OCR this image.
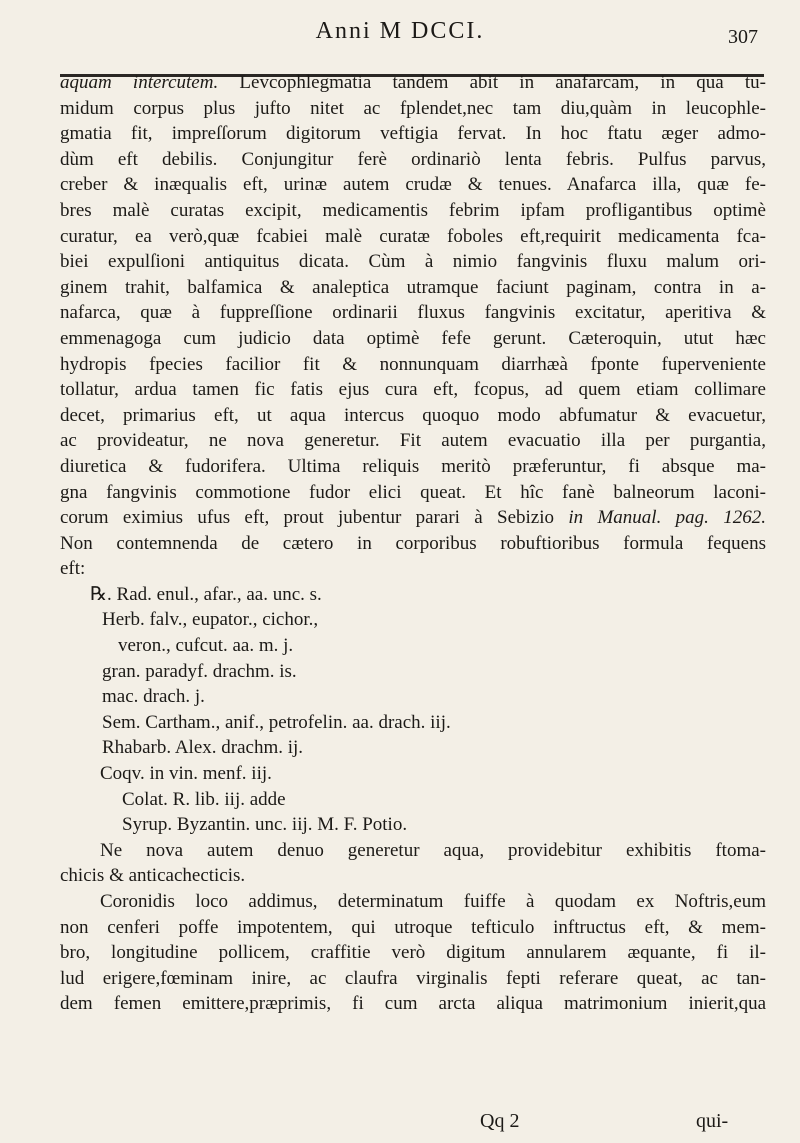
Anni M DCCI.	307
aquam intercutem. Levcophlegmatia tandem abit in anafarcam, in qua tu-
midum corpus plus jufto nitet ac fplendet,nec tam diu,quàm in leucophle-
gmatia fit, impreſſorum digitorum veftigia fervat. In hoc ftatu æger admo-
dùm eft debilis. Conjungitur ferè ordinariò lenta febris. Pulfus parvus,
creber & inæqualis eft, urinæ autem crudæ & tenues. Anafarca illa, quæ fe-
bres malè curatas excipit, medicamentis febrim ipfam profligantibus optimè
curatur, ea verò,quæ fcabiei malè curatæ foboles eft,requirit medicamenta fca-
biei expulſioni antiquitus dicata. Cùm à nimio fangvinis fluxu malum ori-
ginem trahit, balfamica & analeptica utramque faciunt paginam, contra in a-
nafarca, quæ à fuppreſſione ordinarii fluxus fangvinis excitatur, aperitiva &
emmenagoga cum judicio data optimè fefe gerunt. Cæteroquin, utut hæc
hydropis fpecies facilior fit & nonnunquam diarrhæà fponte fuperveniente
tollatur, ardua tamen fic fatis ejus cura eft, fcopus, ad quem etiam collimare
decet, primarius eft, ut aqua intercus quoquo modo abfumatur & evacuetur,
ac provideatur, ne nova generetur. Fit autem evacuatio illa per purgantia,
diuretica & fudorifera. Ultima reliquis meritò præferuntur, fi absque ma-
gna fangvinis commotione fudor elici queat. Et hîc fanè balneorum laconi-
corum eximius ufus eft, prout jubentur parari à Sebizio in Manual. pag. 1262.
Non contemnenda de cætero in corporibus robuftioribus formula fequens
eft:
℞. Rad. enul., afar., aa. unc. s.
Herb. falv., eupator., cichor.,
veron., cufcut. aa. m. j.
gran. paradyf. drachm. is.
mac. drach. j.
Sem. Cartham., anif., petrofelin. aa. drach. iij.
Rhabarb. Alex. drachm. ij.
Coqv. in vin. menf. iij.
Colat. R. lib. iij. adde
Syrup. Byzantin. unc. iij. M. F. Potio.
Ne nova autem denuo generetur aqua, providebitur exhibitis ftoma-
chicis & anticachecticis.
Coronidis loco addimus, determinatum fuiffe à quodam ex Noftris,eum
non cenferi poffe impotentem, qui utroque tefticulo inftructus eft, & mem-
bro, longitudine pollicem, craffitie verò digitum annularem æquante, fi il-
lud erigere,fœminam inire, ac claufra virginalis fepti referare queat, ac tan-
dem femen emittere,præprimis, fi cum arcta aliqua matrimonium inierit,qua
Qq 2	qui-
